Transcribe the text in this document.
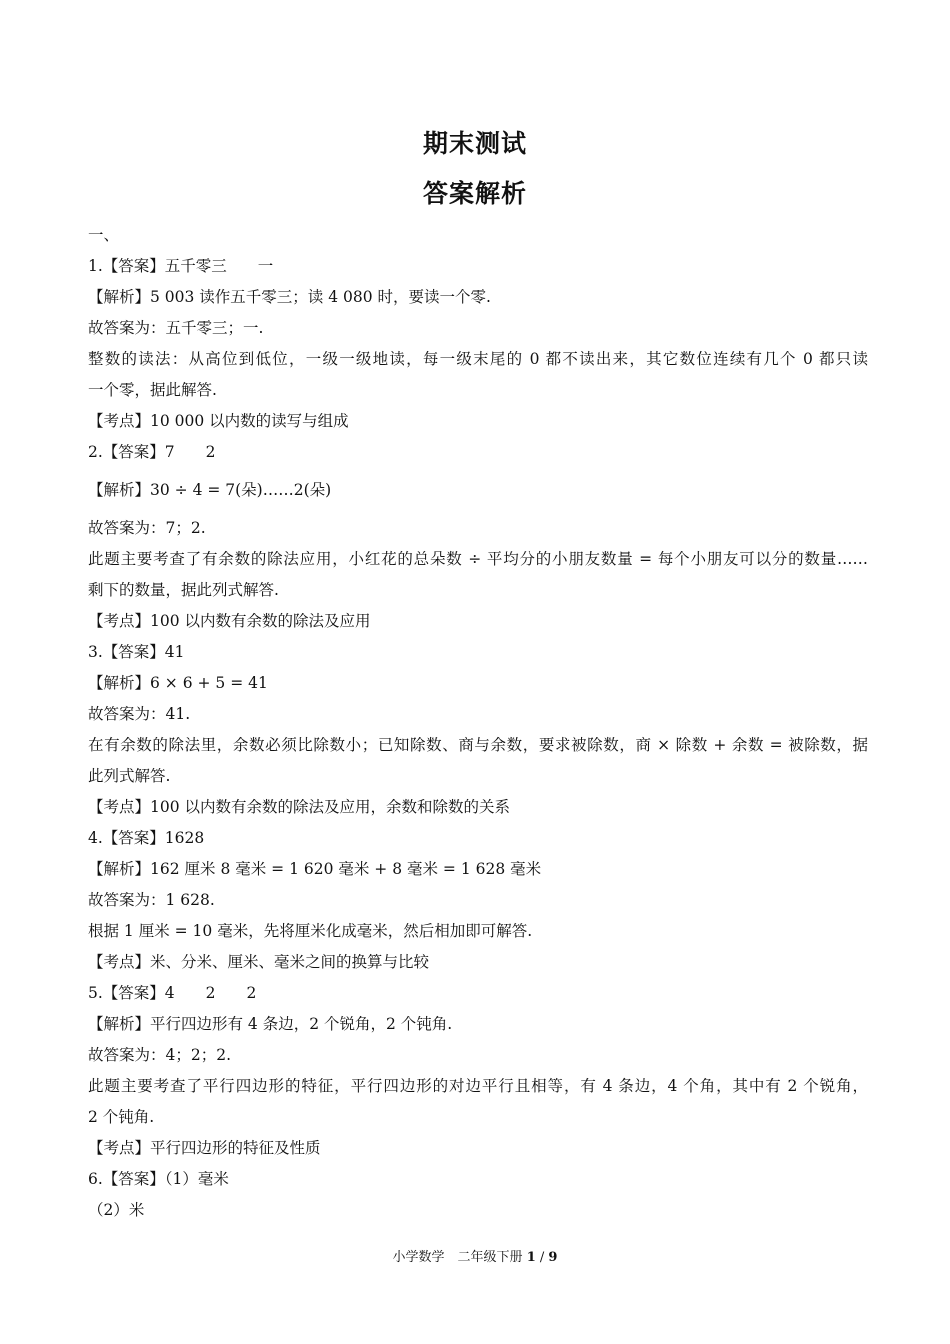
期末测试
答案解析
一、
1.【答案】五千零三　　一
【解析】5 003 读作五千零三；读 4 080 时，要读一个零.
故答案为：五千零三；一.
整数的读法：从高位到低位，一级一级地读，每一级末尾的 0 都不读出来，其它数位连续有几个 0 都只读
一个零，据此解答.
【考点】10 000 以内数的读写与组成
2.【答案】7　　2
【解析】30 ÷ 4 = 7(朵)……2(朵)
故答案为：7；2.
此题主要考查了有余数的除法应用，小红花的总朵数 ÷ 平均分的小朋友数量 = 每个小朋友可以分的数量……
剩下的数量，据此列式解答.
【考点】100 以内数有余数的除法及应用
3.【答案】41
【解析】6 × 6 + 5 = 41
故答案为：41.
在有余数的除法里，余数必须比除数小；已知除数、商与余数，要求被除数，商 × 除数 + 余数 = 被除数，据
此列式解答.
【考点】100 以内数有余数的除法及应用，余数和除数的关系
4.【答案】1628
【解析】162 厘米 8 毫米 = 1 620 毫米 + 8 毫米 = 1 628 毫米
故答案为：1 628.
根据 1 厘米 = 10 毫米，先将厘米化成毫米，然后相加即可解答.
【考点】米、分米、厘米、毫米之间的换算与比较
5.【答案】4　　2　　2
【解析】平行四边形有 4 条边，2 个锐角，2 个钝角.
故答案为：4；2；2.
此题主要考查了平行四边形的特征，平行四边形的对边平行且相等，有 4 条边，4 个角，其中有 2 个锐角，
2 个钝角.
【考点】平行四边形的特征及性质
6.【答案】（1）毫米
（2）米
小学数学　二年级下册 1 / 9
